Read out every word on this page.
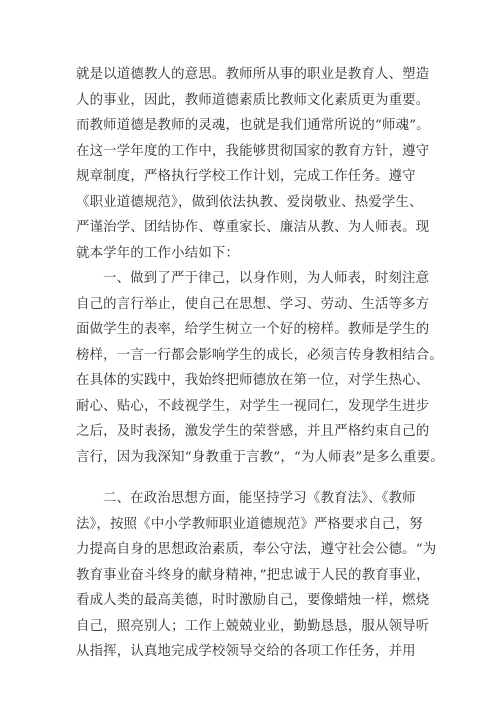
就是以道德教人的意思。教师所从事的职业是教育人、塑造
人的事业，因此，教师道德素质比教师文化素质更为重要。
而教师道德是教师的灵魂，也就是我们通常所说的“师魂”。
在这一学年度的工作中，我能够贯彻国家的教育方针，遵守
规章制度，严格执行学校工作计划，完成工作任务。遵守
《职业道德规范》，做到依法执教、爱岗敬业、热爱学生、
严谨治学、团结协作、尊重家长、廉洁从教、为人师表。现
就本学年的工作小结如下：
一、做到了严于律己，以身作则，为人师表，时刻注意
自己的言行举止，使自己在思想、学习、劳动、生活等多方
面做学生的表率，给学生树立一个好的榜样。教师是学生的
榜样，一言一行都会影响学生的成长，必须言传身教相结合。
在具体的实践中，我始终把师德放在第一位，对学生热心、
耐心、贴心，不歧视学生，对学生一视同仁，发现学生进步
之后，及时表扬，激发学生的荣誉感，并且严格约束自己的
言行，因为我深知“身教重于言教”，“为人师表”是多么重要。
二、在政治思想方面，能坚持学习《教育法》、《教师
法》，按照《中小学教师职业道德规范》严格要求自己，努
力提高自身的思想政治素质，奉公守法，遵守社会公德。“为
教育事业奋斗终身的献身精神，”把忠诚于人民的教育事业，
看成人类的最高美德，时时激励自己，要像蜡烛一样，燃烧
自己，照亮别人；工作上兢兢业业，勤勤恳恳，服从领导听
从指挥，认真地完成学校领导交给的各项工作任务，并用
